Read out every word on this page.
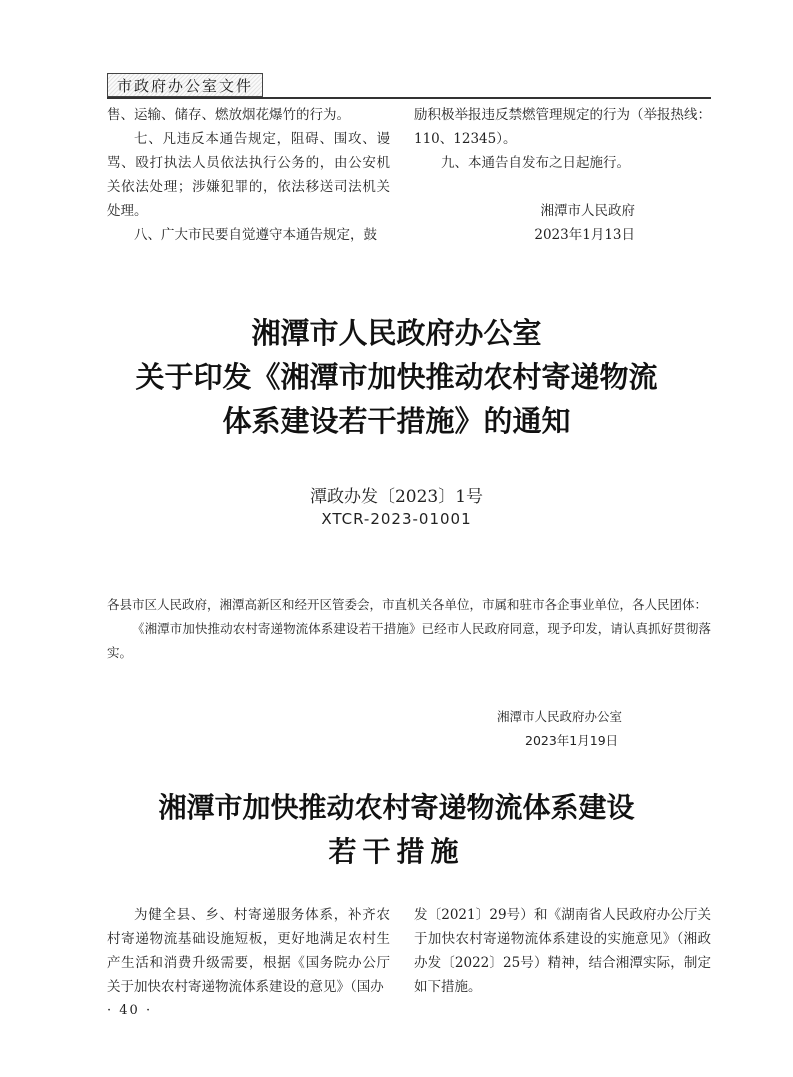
市政府办公室文件

售、运输、储存、燃放烟花爆竹的行为。

七、凡违反本通告规定，阻碍、围攻、谩骂、殴打执法人员依法执行公务的，由公安机关依法处理；涉嫌犯罪的，依法移送司法机关处理。

八、广大市民要自觉遵守本通告规定，鼓

励积极举报违反禁燃管理规定的行为（举报热线：110、12345）。

九、本通告自发布之日起施行。

湘潭市人民政府
2023年1月13日
湘潭市人民政府办公室
关于印发《湘潭市加快推动农村寄递物流
体系建设若干措施》的通知
潭政办发〔2023〕1号
XTCR-2023-01001

各县市区人民政府，湘潭高新区和经开区管委会，市直机关各单位，市属和驻市各企事业单位，各人民团体：

《湘潭市加快推动农村寄递物流体系建设若干措施》已经市人民政府同意，现予印发，请认真抓好贯彻落实。

湘潭市人民政府办公室
2023年1月19日
湘潭市加快推动农村寄递物流体系建设
若干措施

为健全县、乡、村寄递服务体系，补齐农村寄递物流基础设施短板，更好地满足农村生产生活和消费升级需要，根据《国务院办公厅关于加快农村寄递物流体系建设的意见》（国办

发〔2021〕29号）和《湖南省人民政府办公厅关于加快农村寄递物流体系建设的实施意见》（湘政办发〔2022〕25号）精神，结合湘潭实际，制定如下措施。

· 40 ·
